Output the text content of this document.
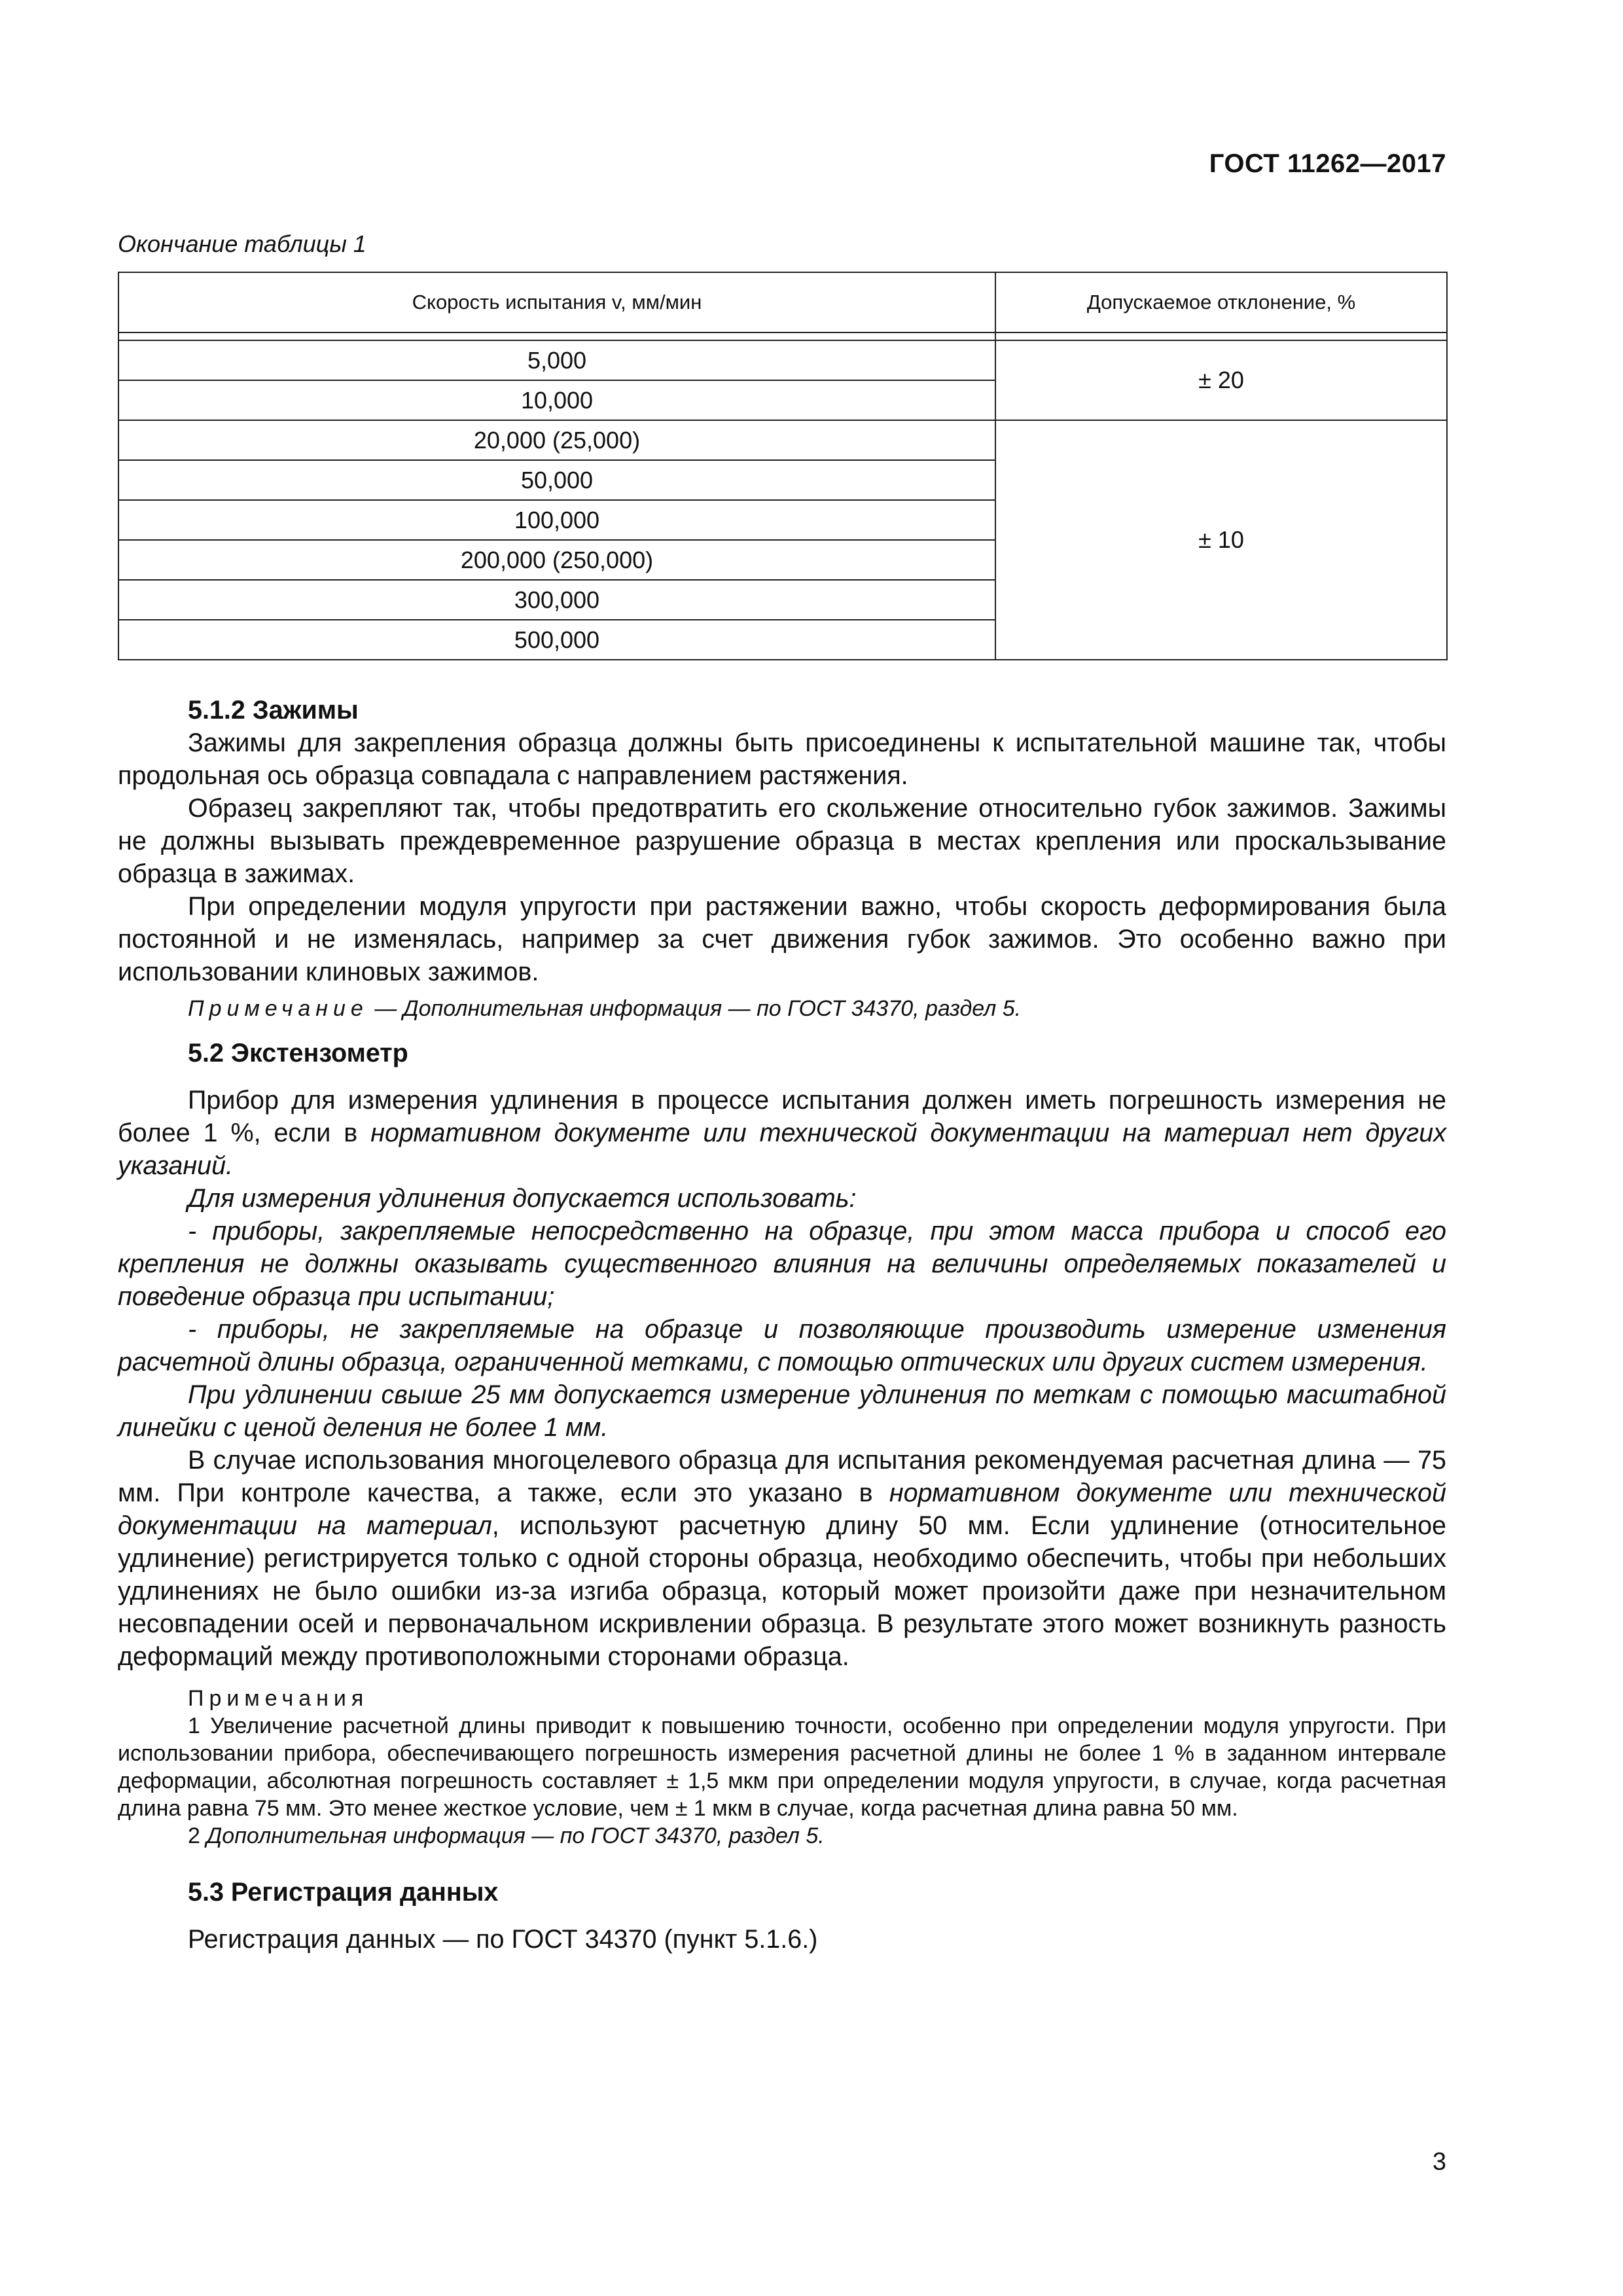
ГОСТ 11262—2017
Окончание таблицы 1
Скорость испытания v, мм/мин	Допускаемое отклонение, %

5,000	± 20
10,000	
20,000 (25,000)	± 10
50,000	
100,000	
200,000 (250,000)	
300,000	
500,000	

5.1.2 Зажимы

Зажимы для закрепления образца должны быть присоединены к испытательной машине так, чтобы продольная ось образца совпадала с направлением растяжения.

Образец закрепляют так, чтобы предотвратить его скольжение относительно губок зажимов. Зажимы не должны вызывать преждевременное разрушение образца в местах крепления или проскальзывание образца в зажимах.

При определении модуля упругости при растяжении важно, чтобы скорость деформирования была постоянной и не изменялась, например за счет движения губок зажимов. Это особенно важно при использовании клиновых зажимов.

Примечание — Дополнительная информация — по ГОСТ 34370, раздел 5.

5.2 Экстензометр

Прибор для измерения удлинения в процессе испытания должен иметь погрешность измерения не более 1 %, если в нормативном документе или технической документации на материал нет других указаний.

Для измерения удлинения допускается использовать:

- приборы, закрепляемые непосредственно на образце, при этом масса прибора и способ его крепления не должны оказывать существенного влияния на величины определяемых показателей и поведение образца при испытании;

- приборы, не закрепляемые на образце и позволяющие производить измерение изменения расчетной длины образца, ограниченной метками, с помощью оптических или других систем измерения.

При удлинении свыше 25 мм допускается измерение удлинения по меткам с помощью масштабной линейки с ценой деления не более 1 мм.

В случае использования многоцелевого образца для испытания рекомендуемая расчетная длина — 75 мм. При контроле качества, а также, если это указано в нормативном документе или технической документации на материал, используют расчетную длину 50 мм. Если удлинение (относительное удлинение) регистрируется только с одной стороны образца, необходимо обеспечить, чтобы при небольших удлинениях не было ошибки из-за изгиба образца, который может произойти даже при незначительном несовпадении осей и первоначальном искривлении образца. В результате этого может возникнуть разность деформаций между противоположными сторонами образца.

Примечания

1 Увеличение расчетной длины приводит к повышению точности, особенно при определении модуля упругости. При использовании прибора, обеспечивающего погрешность измерения расчетной длины не более 1 % в заданном интервале деформации, абсолютная погрешность составляет ± 1,5 мкм при определении модуля упругости, в случае, когда расчетная длина равна 75 мм. Это менее жесткое условие, чем ± 1 мкм в случае, когда расчетная длина равна 50 мм.

2 Дополнительная информация — по ГОСТ 34370, раздел 5.

5.3 Регистрация данных

Регистрация данных — по ГОСТ 34370 (пункт 5.1.6.)

3
